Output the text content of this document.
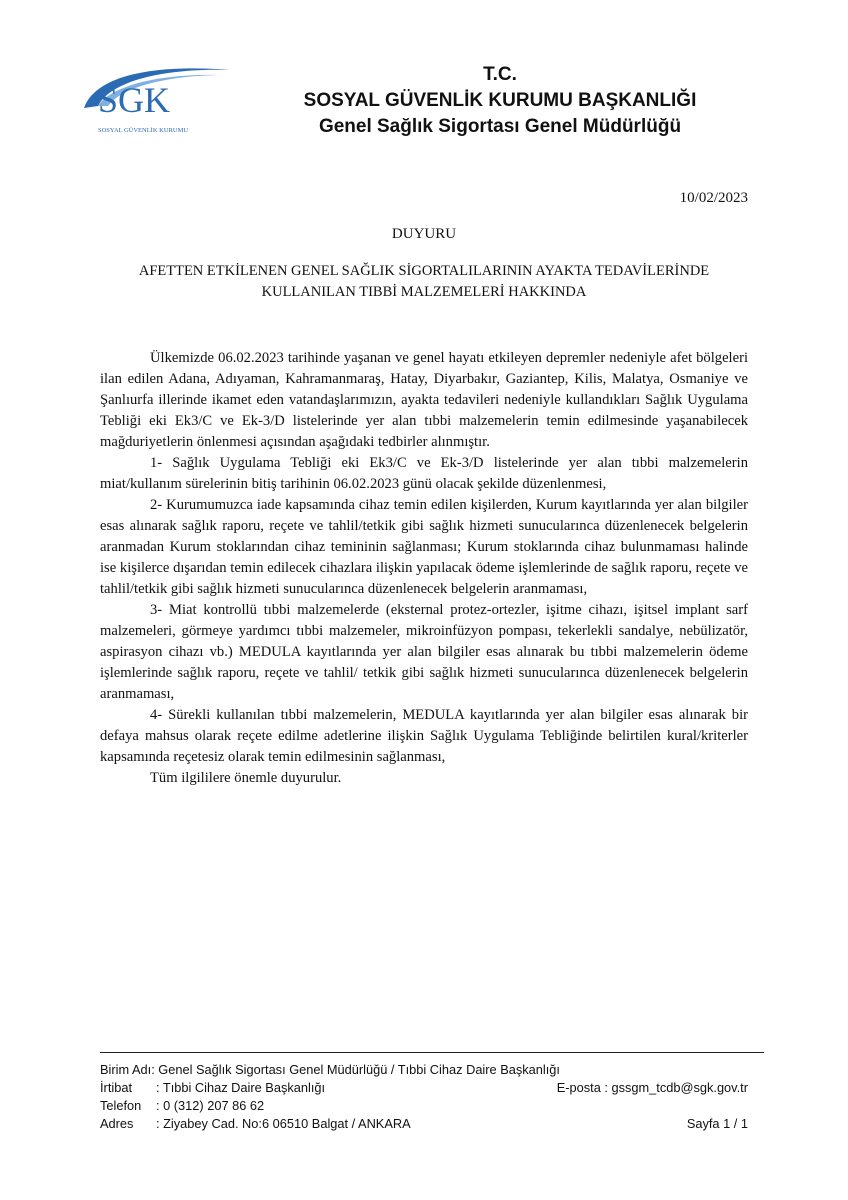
SGK
SOSYAL GÜVENLİK KURUMU
T.C.
SOSYAL GÜVENLİK KURUMU BAŞKANLIĞI
Genel Sağlık Sigortası Genel Müdürlüğü
10/02/2023
DUYURU
AFETTEN ETKİLENEN GENEL SAĞLIK SİGORTALILARININ AYAKTA TEDAVİLERİNDE
KULLANILAN TIBBİ MALZEMELERİ HAKKINDA

Ülkemizde 06.02.2023 tarihinde yaşanan ve genel hayatı etkileyen depremler nedeniyle afet bölgeleri ilan edilen Adana, Adıyaman, Kahramanmaraş, Hatay, Diyarbakır, Gaziantep, Kilis, Malatya, Osmaniye ve Şanlıurfa illerinde ikamet eden vatandaşlarımızın, ayakta tedavileri nedeniyle kullandıkları Sağlık Uygulama Tebliği eki Ek3/C ve Ek-3/D listelerinde yer alan tıbbi malzemelerin temin edilmesinde yaşanabilecek mağduriyetlerin önlenmesi açısından aşağıdaki tedbirler alınmıştır.

1- Sağlık Uygulama Tebliği eki Ek3/C ve Ek-3/D listelerinde yer alan tıbbi malzemelerin miat/kullanım sürelerinin bitiş tarihinin 06.02.2023 günü olacak şekilde düzenlenmesi,

2- Kurumumuzca iade kapsamında cihaz temin edilen kişilerden, Kurum kayıtlarında yer alan bilgiler esas alınarak sağlık raporu, reçete ve tahlil/tetkik gibi sağlık hizmeti sunucularınca düzenlenecek belgelerin aranmadan Kurum stoklarından cihaz temininin sağlanması; Kurum stoklarında cihaz bulunmaması halinde ise kişilerce dışarıdan temin edilecek cihazlara ilişkin yapılacak ödeme işlemlerinde de sağlık raporu, reçete ve tahlil/tetkik gibi sağlık hizmeti sunucularınca düzenlenecek belgelerin aranmaması,

3- Miat kontrollü tıbbi malzemelerde (eksternal protez-ortezler, işitme cihazı, işitsel implant sarf malzemeleri, görmeye yardımcı tıbbi malzemeler, mikroinfüzyon pompası, tekerlekli sandalye, nebülizatör, aspirasyon cihazı vb.) MEDULA kayıtlarında yer alan bilgiler esas alınarak bu tıbbi malzemelerin ödeme işlemlerinde sağlık raporu, reçete ve tahlil/ tetkik gibi sağlık hizmeti sunucularınca düzenlenecek belgelerin aranmaması,

4- Sürekli kullanılan tıbbi malzemelerin, MEDULA kayıtlarında yer alan bilgiler esas alınarak bir defaya mahsus olarak reçete edilme adetlerine ilişkin Sağlık Uygulama Tebliğinde belirtilen kural/kriterler kapsamında reçetesiz olarak temin edilmesinin sağlanması,

Tüm ilgililere önemle duyurulur.

Birim Adı: Genel Sağlık Sigortası Genel Müdürlüğü / Tıbbi Cihaz Daire Başkanlığı
İrtibat	: Tıbbi Cihaz Daire Başkanlığı	E-posta : gssgm_tcdb@sgk.gov.tr
Telefon	: 0 (312) 207 86 62
Adres	: Ziyabey Cad. No:6 06510 Balgat / ANKARA	Sayfa 1 / 1
